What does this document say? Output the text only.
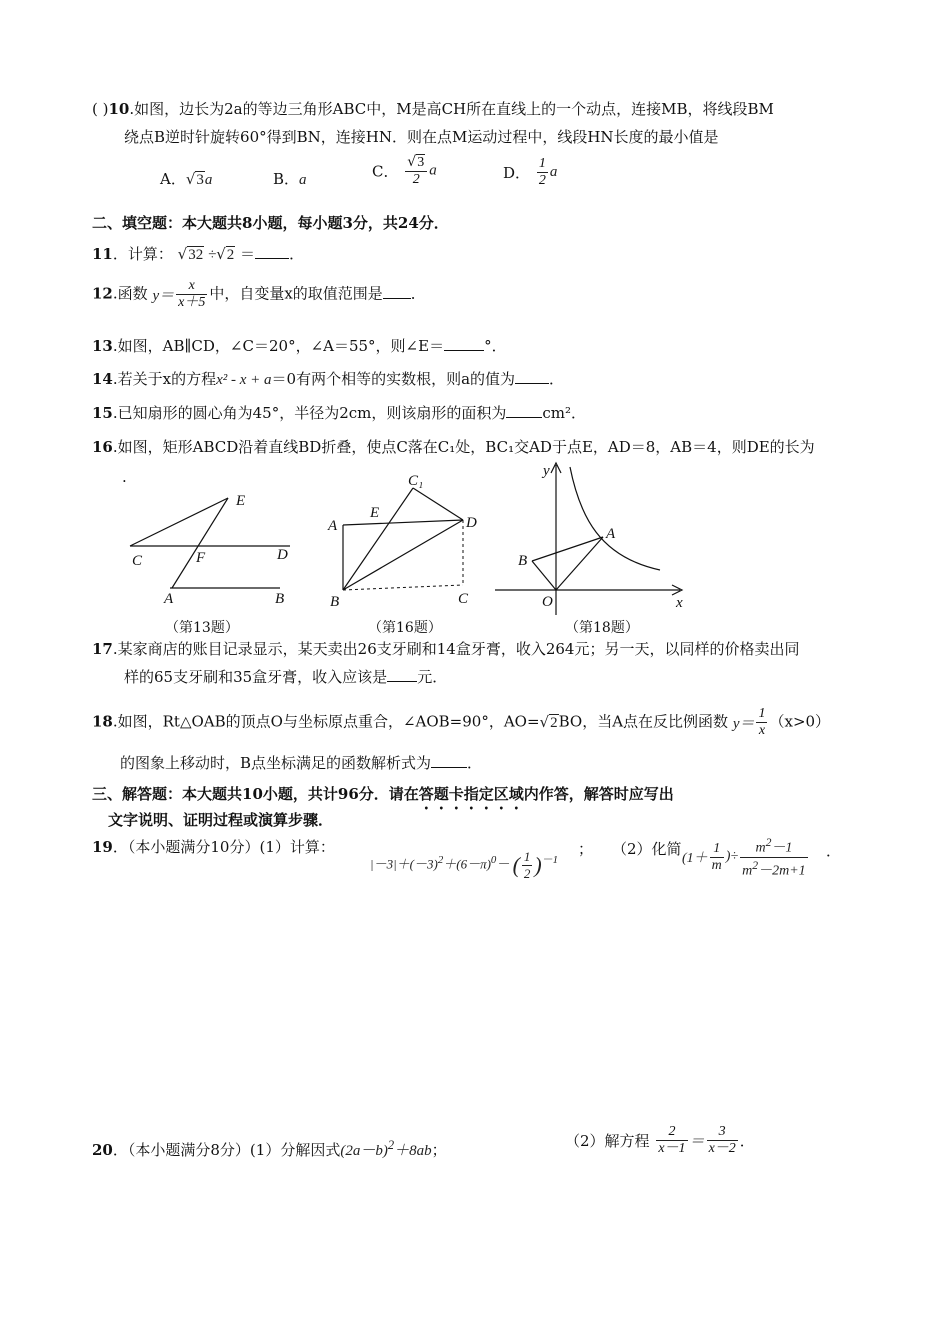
( )10.如图，边长为2a的等边三角形ABC中，M是高CH所在直线上的一个动点，连接MB，将线段BM
绕点B逆时针旋转60°得到BN，连接HN．则在点M运动过程中，线段HN长度的最小值是
A．√3a	B．a	C． $\frac{√3}{2}$ a	D． $\frac{1}{2}$ a
二、填空题：本大题共8小题，每小题3分，共24分．
11．计算： √32 ÷√2 ＝ ．
12.函数 $y= \frac{x}{x+5}$ 中，自变量x的取值范围是 ．
13.如图，AB∥CD，∠C＝20°，∠A＝55°，则∠E＝	°．
14.若关于x的方程x² - x + a＝0有两个相等的实数根，则a的值为 ．
15.已知扇形的圆心角为45°，半径为2cm，则该扇形的面积为 cm²．
16.如图，矩形ABCD沿着直线BD折叠，使点C落在C₁处，BC₁交AD于点E，AD＝8，AB＝4，则DE的长为
.
E
C	F	D
A	B
（第13题）
C₁
E
A	D
B	C
（第16题）
y
A
B
O	x
（第18题）
17.某家商店的账目记录显示，某天卖出26支牙刷和14盒牙膏，收入264元；另一天，以同样的价格卖出同
样的65支牙刷和35盒牙膏，收入应该是 元．
18.如图，Rt△OAB的顶点O与坐标原点重合，∠AOB=90°，AO=√2BO，当A点在反比例函数 $y= \frac{1}{x} (x>0)$
的图象上移动时，B点坐标满足的函数解析式为 ．
三、解答题：本大题共10小题，共计96分．请在答题卡指定区域内作答，解答时应写出
文字说明、证明过程或演算步骤．
19．（本小题满分10分）(1）计算：
$|-3|+(-3)^2+(6-\pi)^0-$ ( $\frac{1}{2} )^{-1}$
； （2）化简
($1+ \frac{1}{m}$ )÷ $\frac{m^2-1}{m^2-2m+1}$ ．
20．（本小题满分8分）(1）分解因式$(2a-b)^2+8ab$；	（2）解方程 $\frac{2}{x-1} = \frac{3}{x-2}$ ．
